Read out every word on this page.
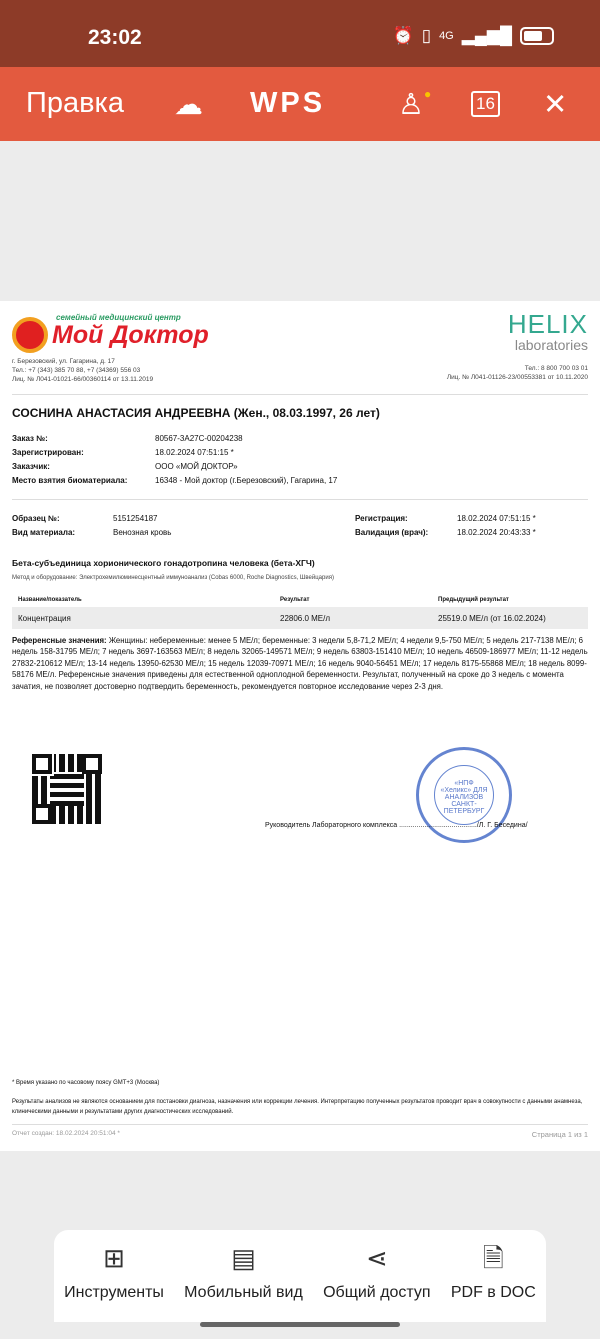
23:02	⏰ ▯ 4G ▂▄▆█
Правка ☁ WPS	♙●	16 ✕
семейный медицинский центр
Мой Доктор
г. Березовский, ул. Гагарина, д. 17
Тел.: +7 (343) 385 70 88, +7 (34369) 556 03
Лиц. № Л041-01021-66/00360114 от 13.11.2019
HELIX
laboratories
Тел.: 8 800 700 03 01
Лиц. № Л041-01126-23/00553381 от 10.11.2020
СОСНИНА АНАСТАСИЯ АНДРЕЕВНА (Жен., 08.03.1997, 26 лет)
Заказ №:	80567-3A27C-00204238
Зарегистрирован:	18.02.2024 07:51:15 *
Заказчик:	ООО «МОЙ ДОКТОР»
Место взятия биоматериала:	16348 - Мой доктор (г.Березовский), Гагарина, 17
Образец №:	5151254187
Вид материала:	Венозная кровь
Регистрация:	18.02.2024 07:51:15 *
Валидация (врач):	18.02.2024 20:43:33 *
Бета-субъединица хорионического гонадотропина человека (бета-ХГЧ)
Метод и оборудование: Электрохемилюминесцентный иммуноанализ (Cobas 6000, Roche Diagnostics, Швейцария)
Название/показатель	Результат	Предыдущий результат
Концентрация	22806.0 МЕ/л	25519.0 МЕ/л (от 16.02.2024)
Референсные значения: Женщины: небеременные: менее 5 МЕ/л; беременные: 3 недели 5,8-71,2 МЕ/л; 4 недели 9,5-750 МЕ/л; 5 недель 217-7138 МЕ/л; 6 недель 158-31795 МЕ/л; 7 недель 3697-163563 МЕ/л; 8 недель 32065-149571 МЕ/л; 9 недель 63803-151410 МЕ/л; 10 недель 46509-186977 МЕ/л; 11-12 недель 27832-210612 МЕ/л; 13-14 недель 13950-62530 МЕ/л; 15 недель 12039-70971 МЕ/л; 16 недель 9040-56451 МЕ/л; 17 недель 8175-55868 МЕ/л; 18 недель 8099-58176 МЕ/л. Референсные значения приведены для естественной одноплодной беременности. Результат, полученный на сроке до 3 недель с момента зачатия, не позволяет достоверно подтвердить беременность, рекомендуется повторное исследование через 2-3 дня.
«НПФ «Хеликс» ДЛЯ АНАЛИЗОВ САНКТ-ПЕТЕРБУРГ
Руководитель Лабораторного комплекса ......................................../Л. Г. Беседина/
* Время указано по часовому поясу GMT+3 (Москва)
Результаты анализов не являются основанием для постановки диагноза, назначения или коррекции лечения. Интерпретацию полученных результатов проводит врач в совокупности с данными анамнеза, клиническими данными и результатами других диагностических исследований.
Отчет создан: 18.02.2024 20:51:04 *	Страница 1 из 1
⊞
Инструменты
▤
Мобильный вид
⋖
Общий доступ
🗎
PDF в DOC
